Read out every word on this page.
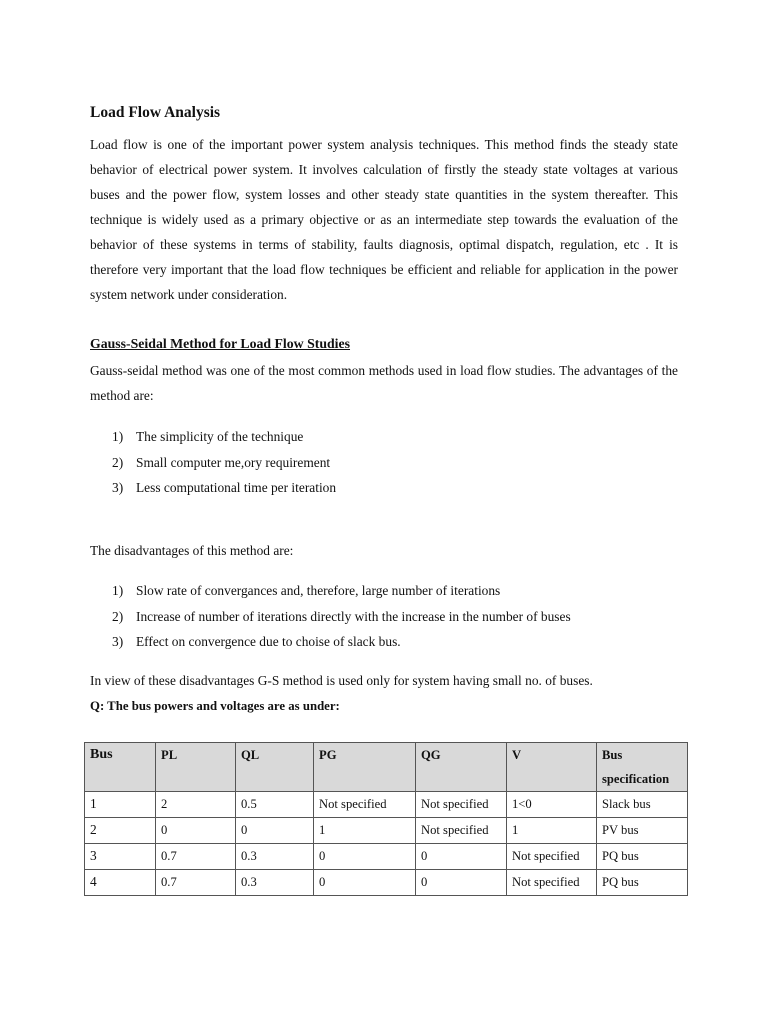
Load Flow Analysis

Load flow is one of the important power system analysis techniques. This method finds the steady state behavior of electrical power system. It involves calculation of firstly the steady state voltages at various buses and the power flow, system losses and other steady state quantities in the system thereafter. This technique is widely used as a primary objective or as an intermediate step towards the evaluation of the behavior of these systems in terms of stability, faults diagnosis, optimal dispatch, regulation, etc . It is therefore very important that the load flow techniques be efficient and reliable for application in the power system network under consideration.

Gauss-Seidal Method for Load Flow Studies

Gauss-seidal method was one of the most common methods used in load flow studies. The advantages of the method are:

1) The simplicity of the technique
2) Small computer me,ory requirement
3) Less computational time per iteration
The disadvantages of this method are:
1) Slow rate of convergances and, therefore, large number of iterations
2) Increase of number of iterations directly with the increase in the number of buses
3) Effect on convergence due to choise of slack bus.
In view of these disadvantages G-S method is used only for system having small no. of buses.
Q: The bus powers and voltages are as under:
Bus	PL	QL	PG	QG	V	Bus specification
1	2	0.5	Not specified	Not specified	1<0	Slack bus
2	0	0	1	Not specified	1	PV bus
3	0.7	0.3	0	0	Not specified	PQ bus
4	0.7	0.3	0	0	Not specified	PQ bus
